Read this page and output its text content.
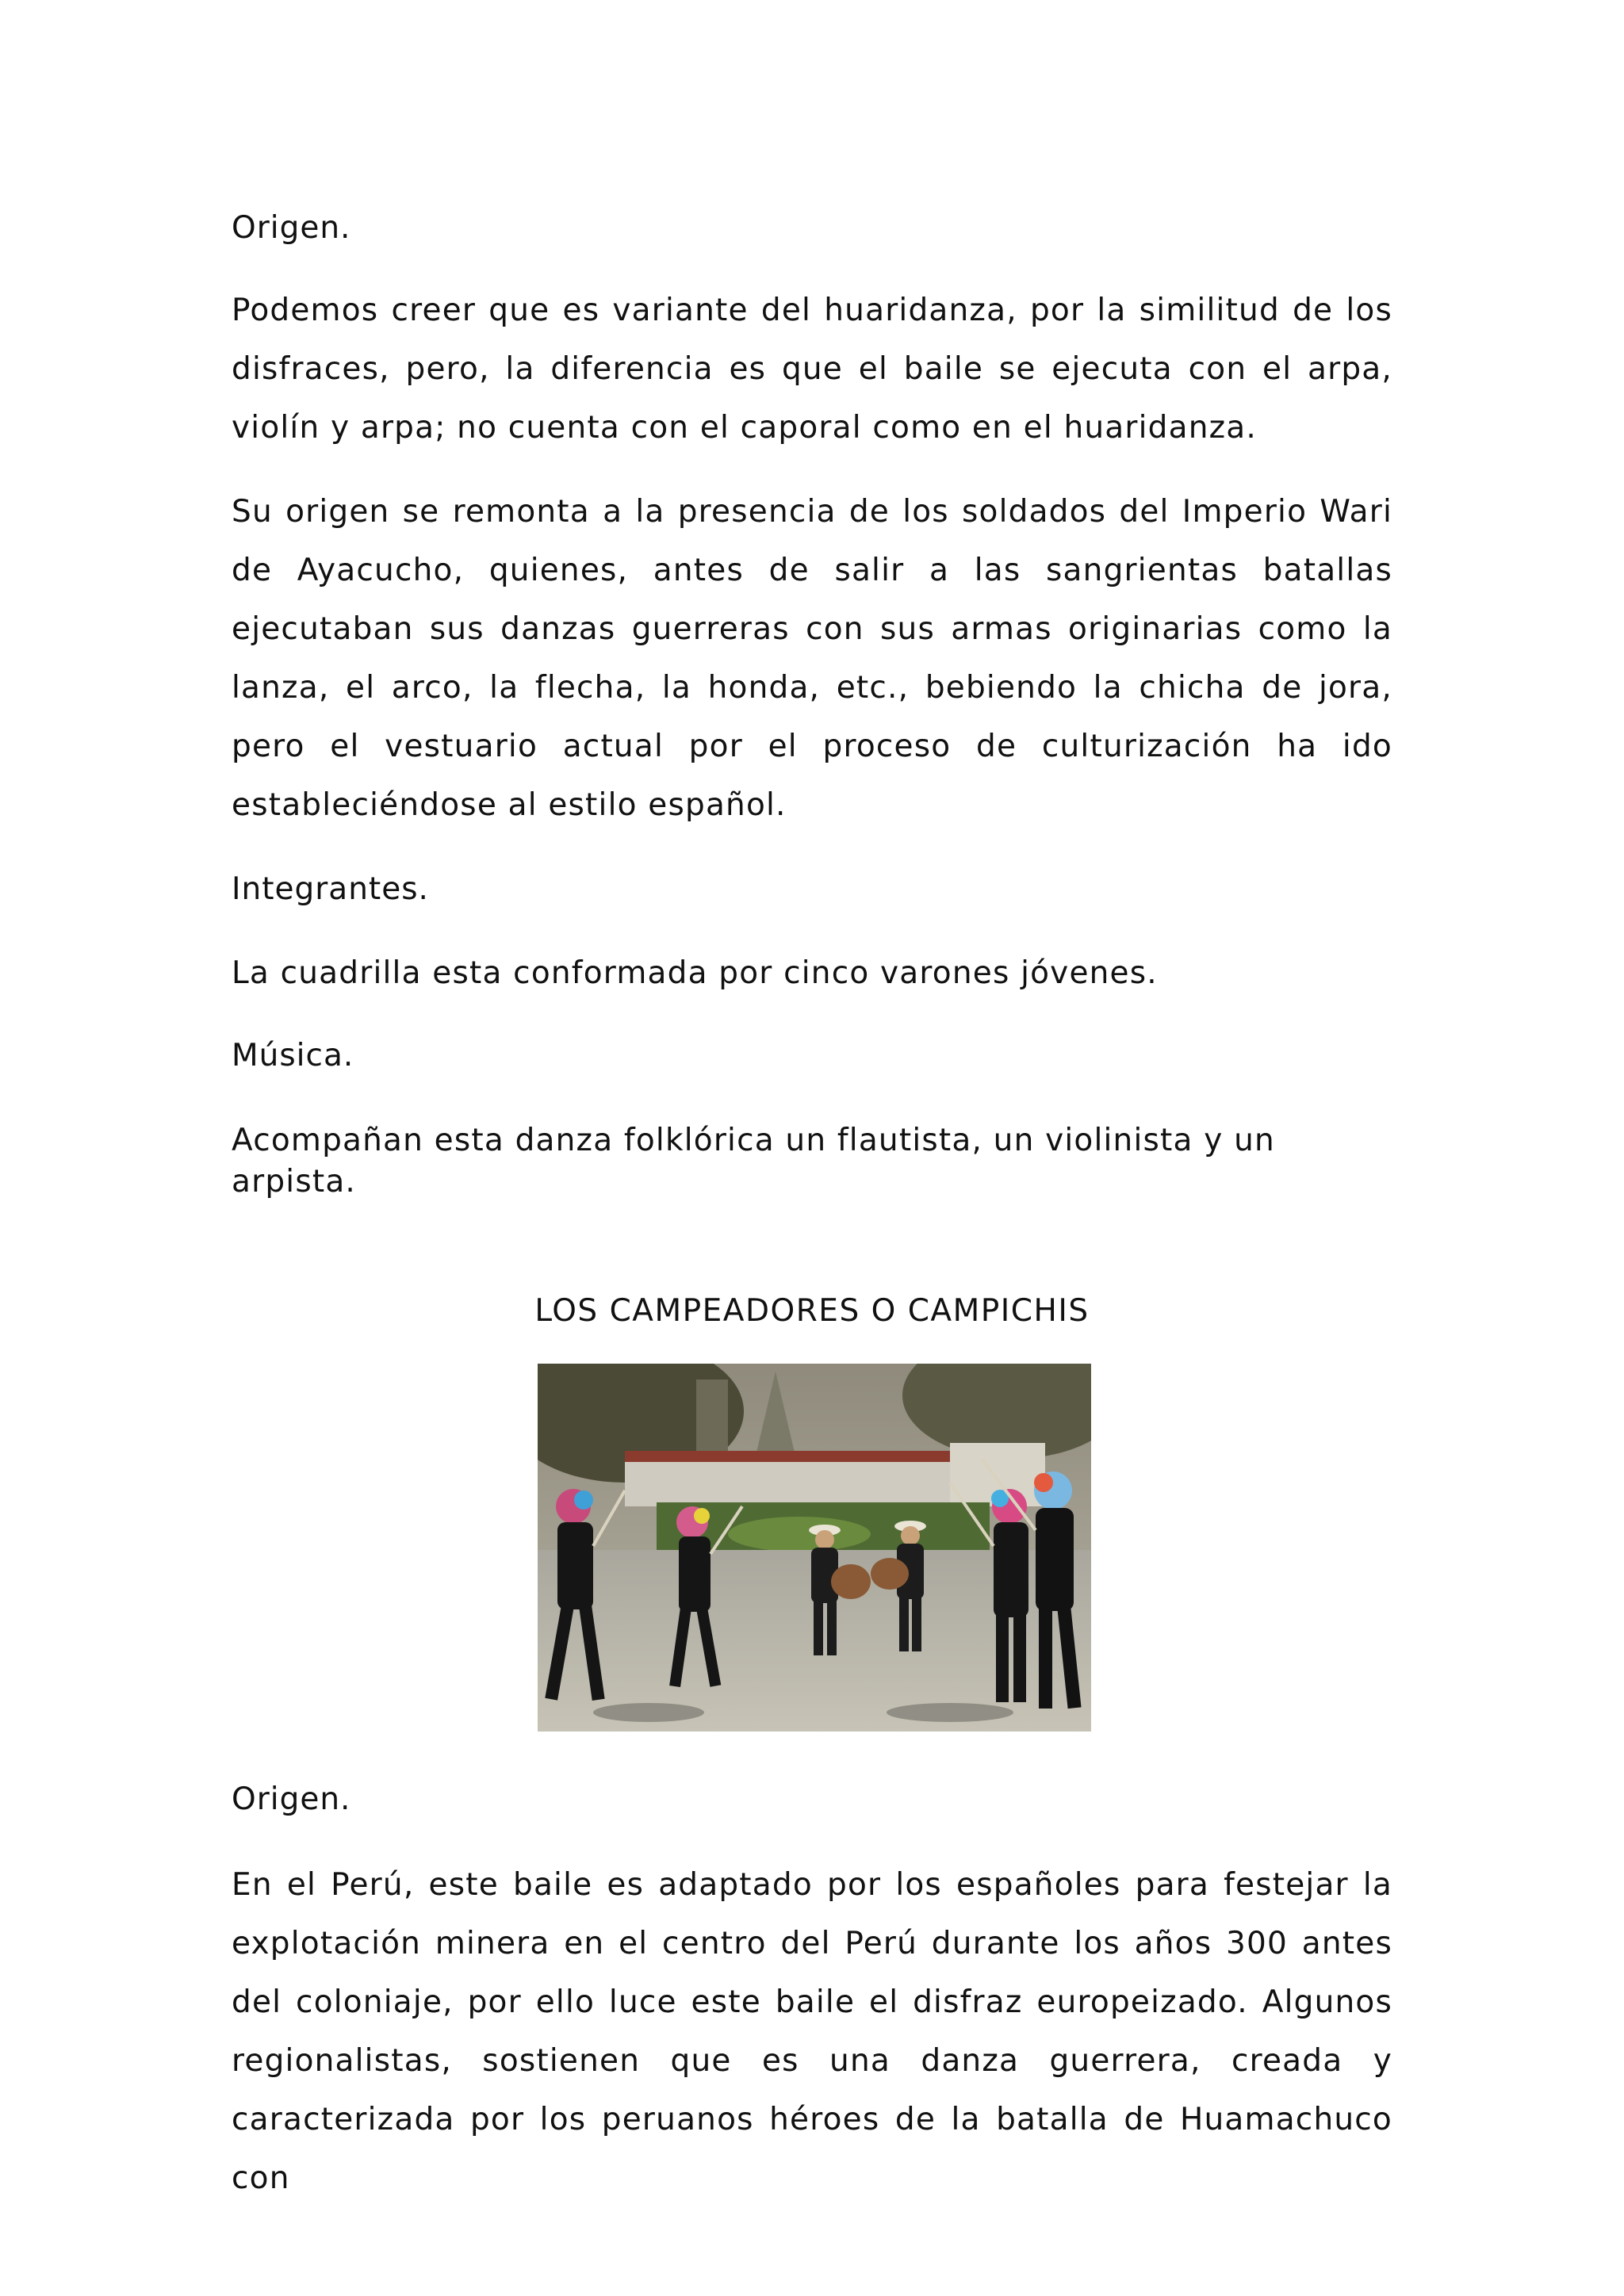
Origen.

Podemos creer que es variante del huaridanza, por la similitud de los disfraces, pero, la diferencia es que el baile se ejecuta con el arpa, violín y arpa; no cuenta con el caporal como en el huaridanza.

Su origen se remonta a la presencia de los soldados del Imperio Wari de Ayacucho, quienes, antes de salir a las sangrientas batallas ejecutaban sus danzas guerreras con sus armas originarias como la lanza, el arco, la flecha, la honda, etc., bebiendo la chicha de jora, pero el vestuario actual por el proceso de culturización ha ido estableciéndose al estilo español.

Integrantes.

La cuadrilla esta conformada por cinco varones jóvenes.

Música.

Acompañan esta danza folklórica un flautista, un violinista y un arpista.

LOS CAMPEADORES O CAMPICHIS

Origen.

En el Perú, este baile es adaptado por los españoles para festejar la explotación minera en el centro del Perú durante los años 300 antes del coloniaje, por ello luce este baile el disfraz europeizado. Algunos regionalistas, sostienen que es una danza guerrera, creada y caracterizada por los peruanos héroes de la batalla de Huamachuco con
